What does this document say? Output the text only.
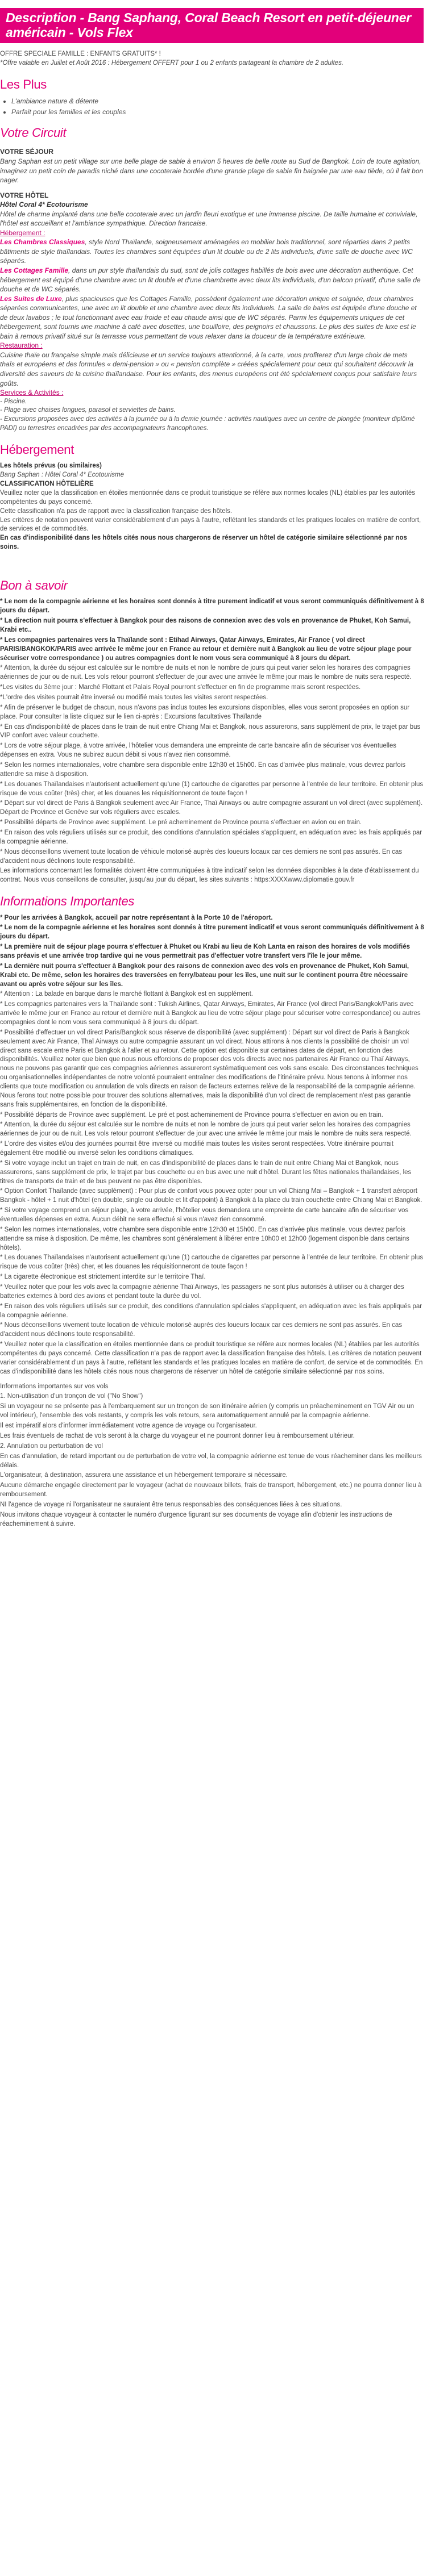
Description - Bang Saphang, Coral Beach Resort en petit-déjeuner américain - Vols Flex

OFFRE SPECIALE FAMILLE : ENFANTS GRATUITS* !

*Offre valable en Juillet et Août 2016 : Hébergement OFFERT pour 1 ou 2 enfants partageant la chambre de 2 adultes.

Les Plus
• L'ambiance nature & détente
• Parfait pour les familles et les couples
Votre Circuit

VOTRE SÉJOUR

Bang Saphan est un petit village sur une belle plage de sable à environ 5 heures de belle route au Sud de Bangkok. Loin de toute agitation, imaginez un petit coin de paradis niché dans une cocoteraie bordée d'une grande plage de sable fin baignée par une eau tiède, où il fait bon nager.

VOTRE HÔTEL

Hôtel Coral 4* Ecotourisme

Hôtel de charme implanté dans une belle cocoteraie avec un jardin fleuri exotique et une immense piscine. De taille humaine et conviviale, l'hôtel est accueillant et l'ambiance sympathique. Direction francaise.

Hébergement :

Les Chambres Classiques, style Nord Thaïlande, soigneusement aménagées en mobilier bois traditionnel, sont réparties dans 2 petits bâtiments de style thaïlandais. Toutes les chambres sont équipées d'un lit double ou de 2 lits individuels, d'une salle de douche avec WC séparés.

Les Cottages Famille, dans un pur style thaïlandais du sud, sont de jolis cottages habillés de bois avec une décoration authentique. Cet hébergement est équipé d'une chambre avec un lit double et d'une chambrette avec deux lits individuels, d'un balcon privatif, d'une salle de douche et de WC séparés.

Les Suites de Luxe, plus spacieuses que les Cottages Famille, possèdent également une décoration unique et soignée, deux chambres séparées communicantes, une avec un lit double et une chambre avec deux lits individuels. La salle de bains est équipée d'une douche et de deux lavabos ; le tout fonctionnant avec eau froide et eau chaude ainsi que de WC séparés. Parmi les équipements uniques de cet hébergement, sont fournis une machine à café avec dosettes, une bouilloire, des peignoirs et chaussons. Le plus des suites de luxe est le bain à remous privatif situé sur la terrasse vous permettant de vous relaxer dans la douceur de la température extérieure.

Restauration :

Cuisine thaïe ou française simple mais délicieuse et un service toujours attentionné, à la carte, vous profiterez d'un large choix de mets thaïs et européens et des formules « demi-pension » ou « pension complète » créées spécialement pour ceux qui souhaitent découvrir la diversité des saveurs de la cuisine thaïlandaise. Pour les enfants, des menus européens ont été spécialement conçus pour satisfaire leurs goûts.

Services & Activités :

- Piscine.

- Plage avec chaises longues, parasol et serviettes de bains.

- Excursions proposées avec des activités à la journée ou à la demie journée : activités nautiques avec un centre de plongée (moniteur diplômé PADI) ou terrestres encadrées par des accompagnateurs francophones.

Hébergement

Les hôtels prévus (ou similaires)

Bang Saphan : Hôtel Coral 4* Ecotourisme

CLASSIFICATION HÔTELIÈRE

Veuillez noter que la classification en étoiles mentionnée dans ce produit touristique se réfère aux normes locales (NL) établies par les autorités compétentes du pays concerné.

Cette classification n'a pas de rapport avec la classification française des hôtels.

Les critères de notation peuvent varier considérablement d'un pays à l'autre, reflétant les standards et les pratiques locales en matière de confort, de services et de commodités.

En cas d'indisponibilité dans les hôtels cités nous nous chargerons de réserver un hôtel de catégorie similaire sélectionné par nos soins.

Bon à savoir

* Le nom de la compagnie aérienne et les horaires sont donnés à titre purement indicatif et vous seront communiqués définitivement à 8 jours du départ.

* La direction nuit pourra s'effectuer à Bangkok pour des raisons de connexion avec des vols en provenance de Phuket, Koh Samui, Krabi etc..

* Les compagnies partenaires vers la Thaïlande sont : Etihad Airways, Qatar Airways, Emirates, Air France ( vol direct PARIS/BANGKOK/PARIS avec arrivée le même jour en France au retour et dernière nuit à Bangkok au lieu de votre séjour plage pour sécuriser votre correspondance ) ou autres compagnies dont le nom vous sera communiqué à 8 jours du départ.

* Attention, la durée du séjour est calculée sur le nombre de nuits et non le nombre de jours qui peut varier selon les horaires des compagnies aériennes de jour ou de nuit. Les vols retour pourront s'effectuer de jour avec une arrivée le même jour mais le nombre de nuits sera respecté.

*Les visites du 3ème jour : Marché Flottant et Palais Royal pourront s'effectuer en fin de programme mais seront respectées.

*L'ordre des visites pourrait être inversé ou modifié mais toutes les visites seront respectées.

* Afin de préserver le budget de chacun, nous n'avons pas inclus toutes les excursions disponibles, elles vous seront proposées en option sur place. Pour consulter la liste cliquez sur le lien ci-après : Excursions facultatives Thaïlande

* En cas d'indisponibilité de places dans le train de nuit entre Chiang Mai et Bangkok, nous assurerons, sans supplément de prix, le trajet par bus VIP confort avec valeur couchette.

* Lors de votre séjour plage, à votre arrivée, l'hôtelier vous demandera une empreinte de carte bancaire afin de sécuriser vos éventuelles dépenses en extra. Vous ne subirez aucun débit si vous n'avez rien consommé.

* Selon les normes internationales, votre chambre sera disponible entre 12h30 et 15h00. En cas d'arrivée plus matinale, vous devrez parfois attendre sa mise à disposition.

* Les douanes Thaïlandaises n'autorisent actuellement qu'une (1) cartouche de cigarettes par personne à l'entrée de leur territoire. En obtenir plus risque de vous coûter (très) cher, et les douanes les réquisitionneront de toute façon !

* Départ sur vol direct de Paris à Bangkok seulement avec Air France, Thaï Airways ou autre compagnie assurant un vol direct (avec supplément). Départ de Province et Genève sur vols réguliers avec escales.

* Possibilité départs de Province avec supplément. Le pré acheminement de Province pourra s'effectuer en avion ou en train.

* En raison des vols réguliers utilisés sur ce produit, des conditions d'annulation spéciales s'appliquent, en adéquation avec les frais appliqués par la compagnie aérienne.

* Nous déconseillons vivement toute location de véhicule motorisé auprès des loueurs locaux car ces derniers ne sont pas assurés. En cas d'accident nous déclinons toute responsabilité.

Les informations concernant les formalités doivent être communiquées à titre indicatif selon les données disponibles à la date d'établissement du contrat. Nous vous conseillons de consulter, jusqu'au jour du départ, les sites suivants : https:XXXXwww.diplomatie.gouv.fr

Informations Importantes

* Pour les arrivées à Bangkok, accueil par notre représentant à la Porte 10 de l'aéroport.

* Le nom de la compagnie aérienne et les horaires sont donnés à titre purement indicatif et vous seront communiqués définitivement à 8 jours du départ.

* La première nuit de séjour plage pourra s'effectuer à Phuket ou Krabi au lieu de Koh Lanta en raison des horaires de vols modifiés sans préavis et une arrivée trop tardive qui ne vous permettrait pas d'effectuer votre transfert vers l'île le jour même.

* La dernière nuit pourra s'effectuer à Bangkok pour des raisons de connexion avec des vols en provenance de Phuket, Koh Samui, Krabi etc. De même, selon les horaires des traversées en ferry/bateau pour les îles, une nuit sur le continent pourra être nécessaire avant ou après votre séjour sur les îles.

* Attention : La balade en barque dans le marché flottant à Bangkok est en supplément.

* Les compagnies partenaires vers la Thaïlande sont : Tukish Airlines, Qatar Airways, Emirates, Air France (vol direct Paris/Bangkok/Paris avec arrivée le même jour en France au retour et dernière nuit à Bangkok au lieu de votre séjour plage pour sécuriser votre correspondance) ou autres compagnies dont le nom vous sera communiqué à 8 jours du départ.

* Possibilité d'effectuer un vol direct Paris/Bangkok sous réserve de disponibilité (avec supplément) : Départ sur vol direct de Paris à Bangkok seulement avec Air France, Thaï Airways ou autre compagnie assurant un vol direct. Nous attirons à nos clients la possibilité de choisir un vol direct sans escale entre Paris et Bangkok à l'aller et au retour. Cette option est disponible sur certaines dates de départ, en fonction des disponibilités. Veuillez noter que bien que nous nous efforcions de proposer des vols directs avec nos partenaires Air France ou Thaï Airways, nous ne pouvons pas garantir que ces compagnies aériennes assureront systématiquement ces vols sans escale. Des circonstances techniques ou organisationnelles indépendantes de notre volonté pourraient entraîner des modifications de l'itinéraire prévu. Nous tenons à informer nos clients que toute modification ou annulation de vols directs en raison de facteurs externes relève de la responsabilité de la compagnie aérienne. Nous ferons tout notre possible pour trouver des solutions alternatives, mais la disponibilité d'un vol direct de remplacement n'est pas garantie sans frais supplémentaires, en fonction de la disponibilité.

* Possibilité départs de Province avec supplément. Le pré et post acheminement de Province pourra s'effectuer en avion ou en train.

* Attention, la durée du séjour est calculée sur le nombre de nuits et non le nombre de jours qui peut varier selon les horaires des compagnies aériennes de jour ou de nuit. Les vols retour pourront s'effectuer de jour avec une arrivée le même jour mais le nombre de nuits sera respecté.

* L'ordre des visites et/ou des journées pourrait être inversé ou modifié mais toutes les visites seront respectées. Votre itinéraire pourrait également être modifié ou inversé selon les conditions climatiques.

* Si votre voyage inclut un trajet en train de nuit, en cas d'indisponibilité de places dans le train de nuit entre Chiang Mai et Bangkok, nous assurerons, sans supplément de prix, le trajet par bus couchette ou en bus avec une nuit d'hôtel. Durant les fêtes nationales thaïlandaises, les titres de transports de train et de bus peuvent ne pas être disponibles.

* Option Confort Thaïlande (avec supplément) : Pour plus de confort vous pouvez opter pour un vol Chiang Mai – Bangkok + 1 transfert aéroport Bangkok - hôtel + 1 nuit d'hôtel (en double, single ou double et lit d'appoint) à Bangkok à la place du train couchette entre Chiang Mai et Bangkok.

* Si votre voyage comprend un séjour plage, à votre arrivée, l'hôtelier vous demandera une empreinte de carte bancaire afin de sécuriser vos éventuelles dépenses en extra. Aucun débit ne sera effectué si vous n'avez rien consommé.

* Selon les normes internationales, votre chambre sera disponible entre 12h30 et 15h00. En cas d'arrivée plus matinale, vous devrez parfois attendre sa mise à disposition. De même, les chambres sont généralement à libérer entre 10h00 et 12h00 (logement disponible dans certains hôtels).

* Les douanes Thaïlandaises n'autorisent actuellement qu'une (1) cartouche de cigarettes par personne à l'entrée de leur territoire. En obtenir plus risque de vous coûter (très) cher, et les douanes les réquisitionneront de toute façon !

* La cigarette électronique est strictement interdite sur le territoire Thaï.

* Veuillez noter que pour les vols avec la compagnie aérienne Thaï Airways, les passagers ne sont plus autorisés à utiliser ou à charger des batteries externes à bord des avions et pendant toute la durée du vol.

* En raison des vols réguliers utilisés sur ce produit, des conditions d'annulation spéciales s'appliquent, en adéquation avec les frais appliqués par la compagnie aérienne.

* Nous déconseillons vivement toute location de véhicule motorisé auprès des loueurs locaux car ces derniers ne sont pas assurés. En cas d'accident nous déclinons toute responsabilité.

* Veuillez noter que la classification en étoiles mentionnée dans ce produit touristique se réfère aux normes locales (NL) établies par les autorités compétentes du pays concerné. Cette classification n'a pas de rapport avec la classification française des hôtels. Les critères de notation peuvent varier considérablement d'un pays à l'autre, reflétant les standards et les pratiques locales en matière de confort, de service et de commodités. En cas d'indisponibilité dans les hôtels cités nous nous chargerons de réserver un hôtel de catégorie similaire sélectionné par nos soins.

Informations importantes sur vos vols

1. Non-utilisation d'un tronçon de vol ("No Show")

Si un voyageur ne se présente pas à l'embarquement sur un tronçon de son itinéraire aérien (y compris un préacheminement en TGV Air ou un vol intérieur), l'ensemble des vols restants, y compris les vols retours, sera automatiquement annulé par la compagnie aérienne.

Il est impératif alors d'informer immédiatement votre agence de voyage ou l'organisateur.

Les frais éventuels de rachat de vols seront à la charge du voyageur et ne pourront donner lieu à remboursement ultérieur.

2. Annulation ou perturbation de vol

En cas d'annulation, de retard important ou de perturbation de votre vol, la compagnie aérienne est tenue de vous réacheminer dans les meilleurs délais.

L'organisateur, à destination, assurera une assistance et un hébergement temporaire si nécessaire.

Aucune démarche engagée directement par le voyageur (achat de nouveaux billets, frais de transport, hébergement, etc.) ne pourra donner lieu à remboursement.

NI l'agence de voyage ni l'organisateur ne sauraient être tenus responsables des conséquences liées à ces situations.

Nous invitons chaque voyageur à contacter le numéro d'urgence figurant sur ses documents de voyage afin d'obtenir les instructions de réacheminement à suivre.
